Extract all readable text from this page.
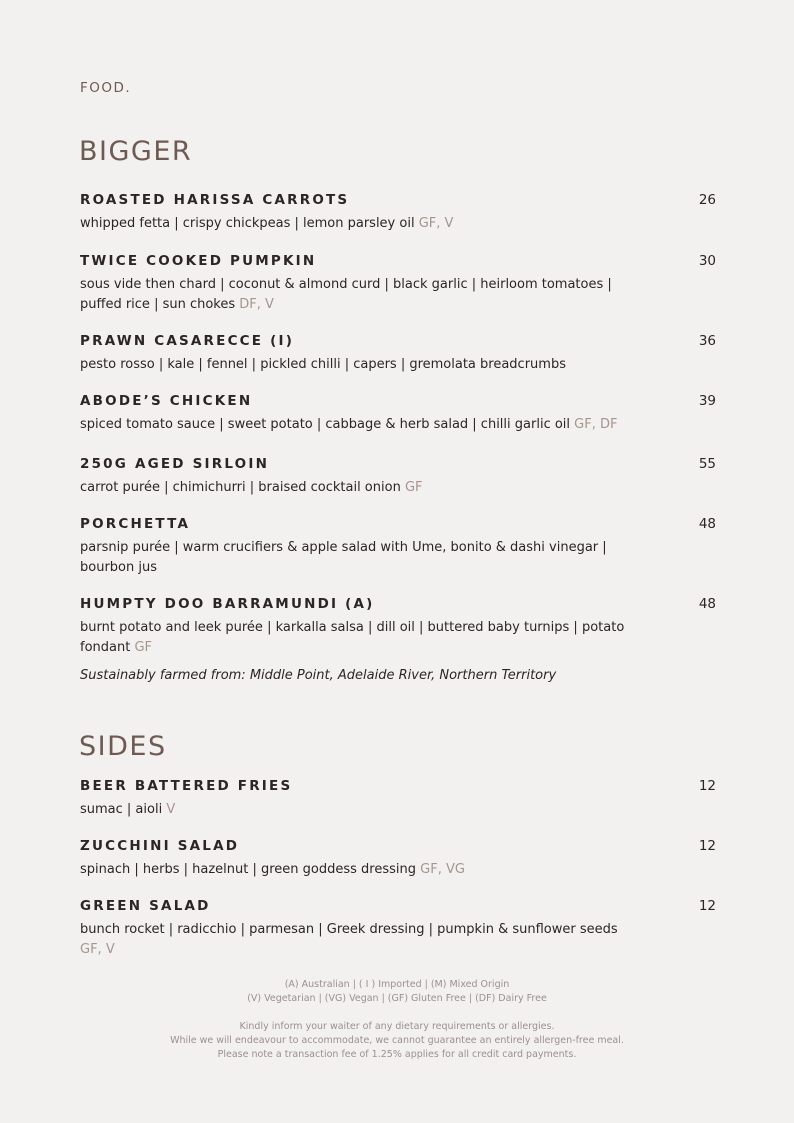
FOOD.
BIGGER
ROASTED HARISSA CARROTS	26
whipped fetta | crispy chickpeas | lemon parsley oil GF, V
TWICE COOKED PUMPKIN	30
sous vide then chard | coconut & almond curd | black garlic | heirloom tomatoes | puffed rice | sun chokes DF, V
PRAWN CASARECCE (I)	36
pesto rosso | kale | fennel | pickled chilli | capers | gremolata breadcrumbs
ABODE’S CHICKEN	39
spiced tomato sauce | sweet potato | cabbage & herb salad | chilli garlic oil GF, DF
250G AGED SIRLOIN	55
carrot purée | chimichurri | braised cocktail onion GF
PORCHETTA	48
parsnip purée | warm crucifiers & apple salad with Ume, bonito & dashi vinegar | bourbon jus
HUMPTY DOO BARRAMUNDI (A)	48
burnt potato and leek purée | karkalla salsa | dill oil | buttered baby turnips | potato fondant GF
Sustainably farmed from: Middle Point, Adelaide River, Northern Territory
SIDES
BEER BATTERED FRIES	12
sumac | aioli V
ZUCCHINI SALAD	12
spinach | herbs | hazelnut | green goddess dressing GF, VG
GREEN SALAD	12
bunch rocket | radicchio | parmesan | Greek dressing | pumpkin & sunflower seeds GF, V
(A) Australian | ( I ) Imported | (M) Mixed Origin
(V) Vegetarian | (VG) Vegan | (GF) Gluten Free | (DF) Dairy Free
Kindly inform your waiter of any dietary requirements or allergies.
While we will endeavour to accommodate, we cannot guarantee an entirely allergen-free meal.
Please note a transaction fee of 1.25% applies for all credit card payments.
